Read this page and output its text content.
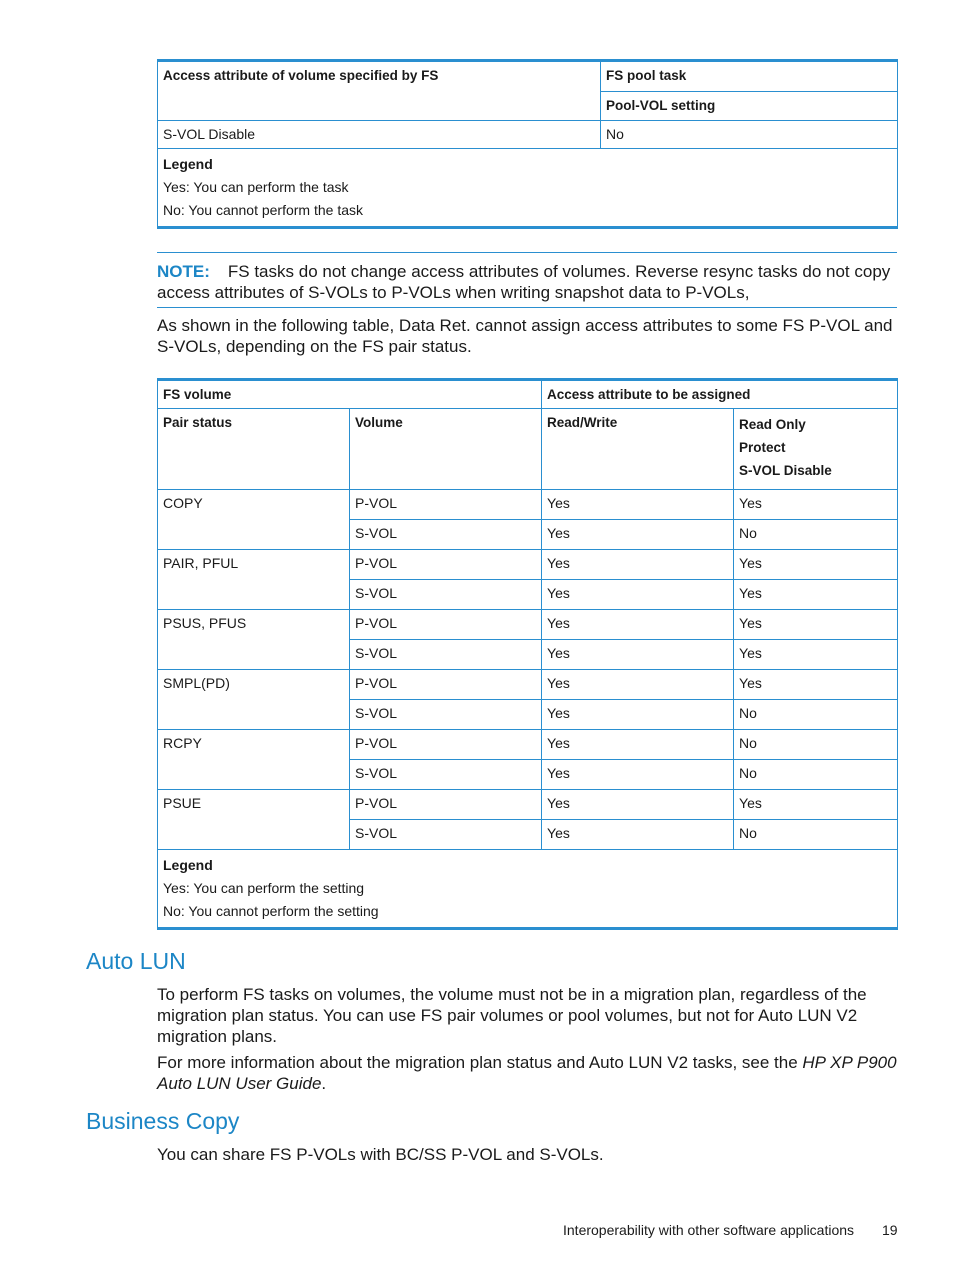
Access attribute of volume specified by FS	FS pool task
	Pool-VOL setting
S-VOL Disable	No

Legend
Yes: You can perform the task
No: You cannot perform the task	
NOTE: FS tasks do not change access attributes of volumes. Reverse resync tasks do not copy access attributes of S-VOLs to P-VOLs when writing snapshot data to P-VOLs,
As shown in the following table, Data Ret. cannot assign access attributes to some FS P-VOL and S-VOLs, depending on the FS pair status.
FS volume		Access attribute to be assigned	
Pair status	Volume	Read/Write	Read Only
Protect
S-VOL Disable

COPY	P-VOL	Yes	Yes
	S-VOL	Yes	No
PAIR, PFUL	P-VOL	Yes	Yes
	S-VOL	Yes	Yes
PSUS, PFUS	P-VOL	Yes	Yes
	S-VOL	Yes	Yes
SMPL(PD)	P-VOL	Yes	Yes
	S-VOL	Yes	No
RCPY	P-VOL	Yes	No
	S-VOL	Yes	No
PSUE	P-VOL	Yes	Yes
	S-VOL	Yes	No

Legend
Yes: You can perform the setting
No: You cannot perform the setting			
Auto LUN
To perform FS tasks on volumes, the volume must not be in a migration plan, regardless of the migration plan status. You can use FS pair volumes or pool volumes, but not for Auto LUN V2 migration plans.
For more information about the migration plan status and Auto LUN V2 tasks, see the HP XP P900 Auto LUN User Guide.
Business Copy
You can share FS P-VOLs with BC/SS P-VOL and S-VOLs.
Interoperability with other software applications 19
